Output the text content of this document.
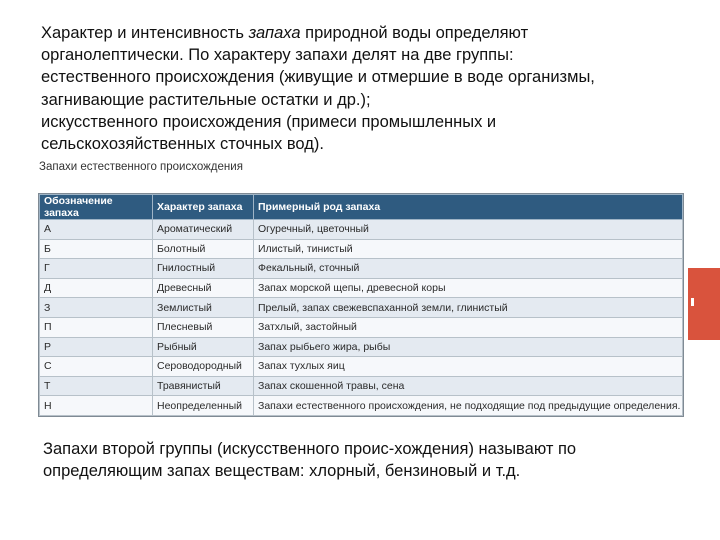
Характер и интенсивность запаха природной воды определяют
органолептически. По характеру запахи делят на две группы:
естественного происхождения (живущие и отмершие в воде организмы,
загнивающие растительные остатки и др.);
искусственного происхождения (примеси промышленных и
сельскохозяйственных сточных вод).
Запахи естественного происхождения
Обозначение запаха	Характер запаха	Примерный род запаха
А	Ароматический	Огуречный, цветочный
Б	Болотный	Илистый, тинистый
Г	Гнилостный	Фекальный, сточный
Д	Древесный	Запах морской щепы, древесной коры
З	Землистый	Прелый, запах свежевспаханной земли, глинистый
П	Плесневый	Затхлый, застойный
Р	Рыбный	Запах рыбьего жира, рыбы
С	Сероводородный	Запах тухлых яиц
Т	Травянистый	Запах скошенной травы, сена
Н	Неопределенный	Запахи естественного происхождения, не подходящие под предыдущие определения.
Запахи второй группы (искусственного проис-хождения) называют по определяющим запах веществам: хлорный, бензиновый и т.д.
